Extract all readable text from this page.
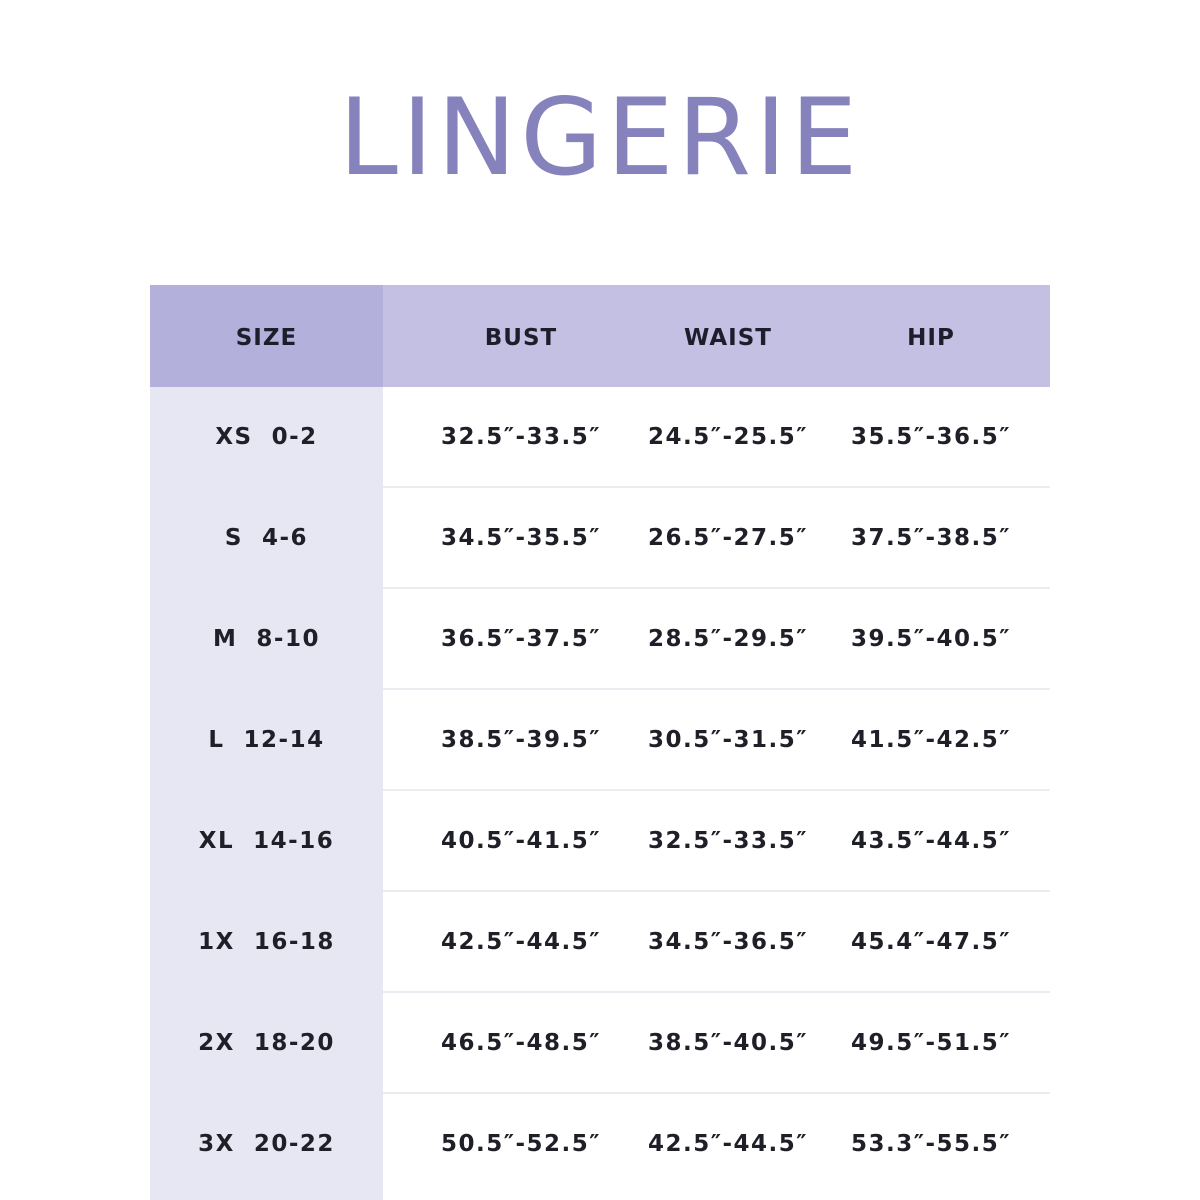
LINGERIE
SIZE	BUST	WAIST	HIP
XS  0-2	32.5″-33.5″	24.5″-25.5″	35.5″-36.5″
S  4-6	34.5″-35.5″	26.5″-27.5″	37.5″-38.5″
M  8-10	36.5″-37.5″	28.5″-29.5″	39.5″-40.5″
L  12-14	38.5″-39.5″	30.5″-31.5″	41.5″-42.5″
XL  14-16	40.5″-41.5″	32.5″-33.5″	43.5″-44.5″
1X  16-18	42.5″-44.5″	34.5″-36.5″	45.4″-47.5″
2X  18-20	46.5″-48.5″	38.5″-40.5″	49.5″-51.5″
3X  20-22	50.5″-52.5″	42.5″-44.5″	53.3″-55.5″
